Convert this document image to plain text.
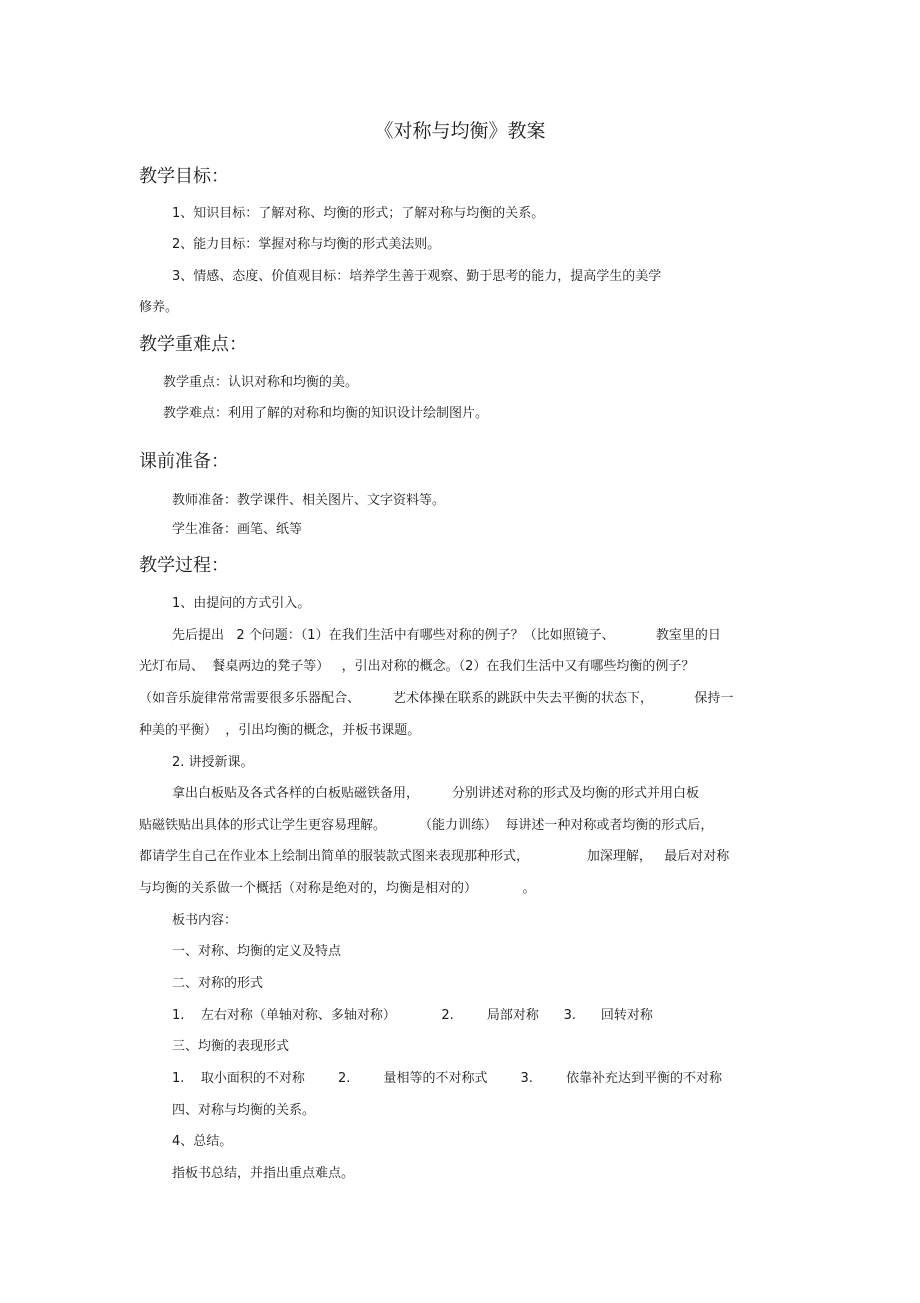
《对称与均衡》教案
教学目标：
1、知识目标：了解对称、均衡的形式；了解对称与均衡的关系。
2、能力目标：掌握对称与均衡的形式美法则。
3、情感、态度、价值观目标：培养学生善于观察、勤于思考的能力，提高学生的美学
修养。
教学重难点：
教学重点：认识对称和均衡的美。
教学难点：利用了解的对称和均衡的知识设计绘制图片。
课前准备：
教师准备：教学课件、相关图片、文字资料等。
学生准备：画笔、纸等
教学过程：
1、由提问的方式引入。
先后提出   2 个问题：（1）在我们生活中有哪些对称的例子？（比如照镜子、          教室里的日
光灯布局、  餐桌两边的凳子等）   ，引出对称的概念。（2）在我们生活中又有哪些均衡的例子？
（如音乐旋律常常需要很多乐器配合、        艺术体操在联系的跳跃中失去平衡的状态下，          保持一
种美的平衡）  ，引出均衡的概念，并板书课题。
2. 讲授新课。
拿出白板贴及各式各样的白板贴磁铁备用，        分别讲述对称的形式及均衡的形式并用白板
贴磁铁贴出具体的形式让学生更容易理解。        （能力训练）  每讲述一种对称或者均衡的形式后，
都请学生自己在作业本上绘制出简单的服装款式图来表现那种形式，              加深理解，   最后对对称
与均衡的关系做一个概括（对称是绝对的，均衡是相对的）           。
板书内容：
一、对称、均衡的定义及特点
二、对称的形式
1.    左右对称（单轴对称、多轴对称）           2.        局部对称      3.      回转对称
三、均衡的表现形式
1.    取小面积的不对称        2.        量相等的不对称式        3.        依靠补充达到平衡的不对称
四、对称与均衡的关系。
4、总结。
指板书总结，并指出重点难点。
